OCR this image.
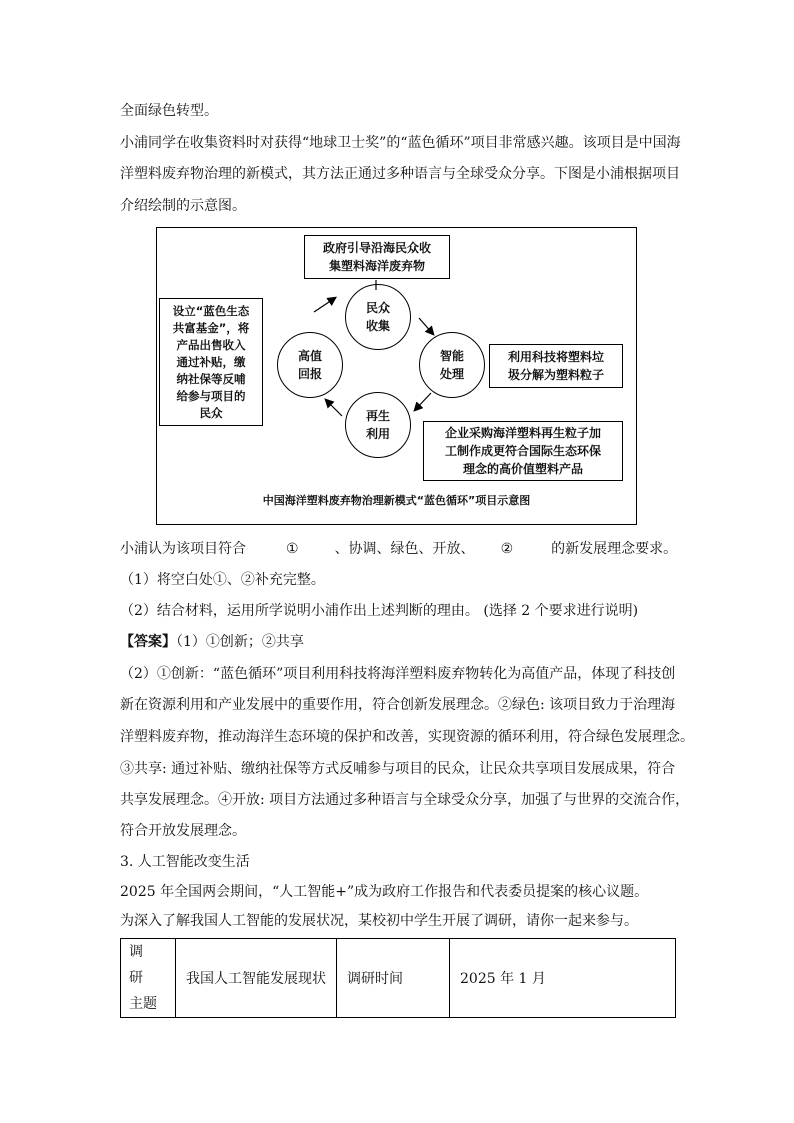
全面绿色转型。
小浦同学在收集资料时对获得“地球卫士奖”的“蓝色循环”项目非常感兴趣。该项目是中国海
洋塑料废弃物治理的新模式，其方法正通过多种语言与全球受众分享。下图是小浦根据项目
介绍绘制的示意图。
政府引导沿海民众收
集塑料海洋废弃物
设立“蓝色生态
共富基金”，将
产品出售收入
通过补贴，缴
纳社保等反哺
给参与项目的
民众
利用科技将塑料垃
圾分解为塑料粒子
企业采购海洋塑料再生粒子加
工制作成更符合国际生态环保
理念的高价值塑料产品
民众
收集
智能
处理
再生
利用
高值
回报
中国海洋塑料废弃物治理新模式“蓝色循环”项目示意图
小浦认为该项目符合	①	、协调、绿色、开放、 ②	的新发展理念要求。
（1）将空白处①、②补充完整。
（2）结合材料，运用所学说明小浦作出上述判断的理由。 (选择 2 个要求进行说明)
【答案】（1）①创新；②共享
（2）①创新：“蓝色循环”项目利用科技将海洋塑料废弃物转化为高值产品，体现了科技创
新在资源利用和产业发展中的重要作用，符合创新发展理念。②绿色: 该项目致力于治理海
洋塑料废弃物，推动海洋生态环境的保护和改善，实现资源的循环利用，符合绿色发展理念。
③共享: 通过补贴、缴纳社保等方式反哺参与项目的民众，让民众共享项目发展成果，符合
共享发展理念。④开放: 项目方法通过多种语言与全球受众分享，加强了与世界的交流合作，
符合开放发展理念。
3. 人工智能改变生活
2025 年全国两会期间，“人工智能+”成为政府工作报告和代表委员提案的核心议题。
为深入了解我国人工智能的发展状况，某校初中学生开展了调研，请你一起来参与。
调研
主题
	我国人工智能发展现状	调研时间	2025 年 1 月
